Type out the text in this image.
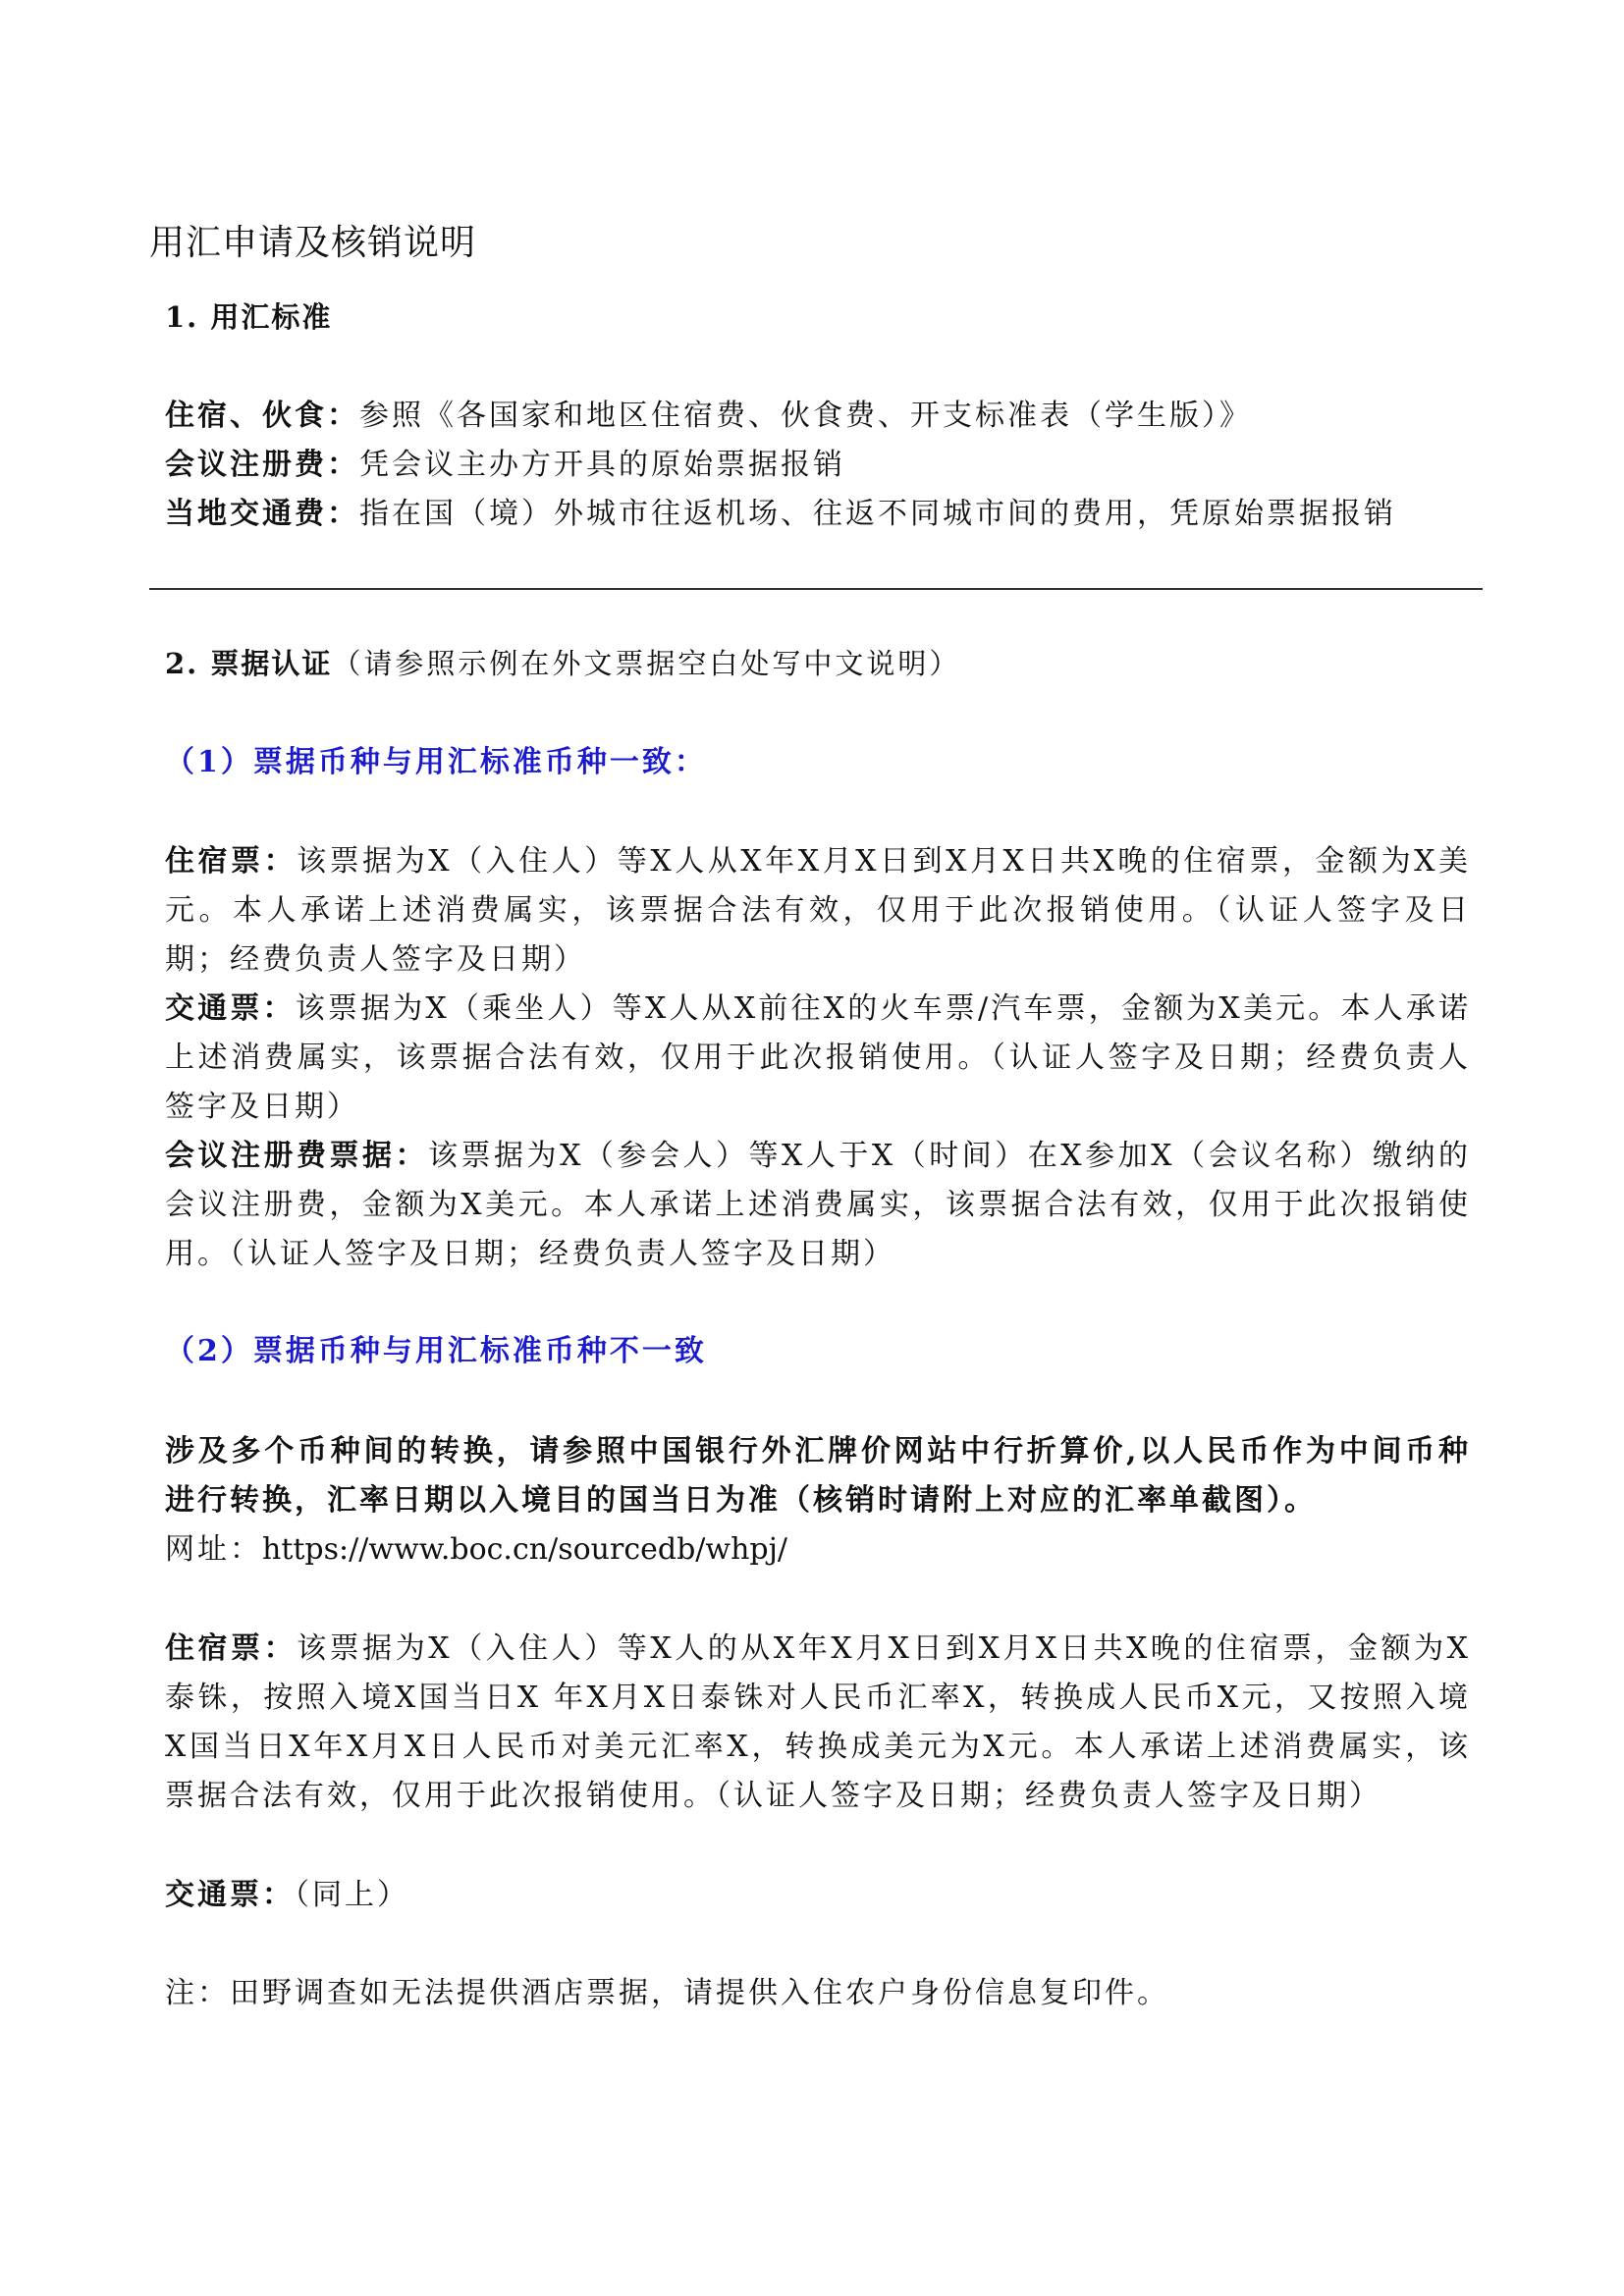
用汇申请及核销说明
1. 用汇标准
住宿、伙食：参照《各国家和地区住宿费、伙食费、开支标准表（学生版）》
会议注册费：凭会议主办方开具的原始票据报销
当地交通费：指在国（境）外城市往返机场、往返不同城市间的费用，凭原始票据报销
2. 票据认证（请参照示例在外文票据空白处写中文说明）
（1）票据币种与用汇标准币种一致：
住宿票：该票据为X（入住人）等X人从X年X月X日到X月X日共X晚的住宿票，金额为X美元。本人承诺上述消费属实，该票据合法有效，仅用于此次报销使用。（认证人签字及日期；经费负责人签字及日期）
交通票：该票据为X（乘坐人）等X人从X前往X的火车票/汽车票，金额为X美元。本人承诺上述消费属实，该票据合法有效，仅用于此次报销使用。（认证人签字及日期；经费负责人签字及日期）
会议注册费票据：该票据为X（参会人）等X人于X（时间）在X参加X（会议名称）缴纳的会议注册费，金额为X美元。本人承诺上述消费属实，该票据合法有效，仅用于此次报销使用。（认证人签字及日期；经费负责人签字及日期）
（2）票据币种与用汇标准币种不一致
涉及多个币种间的转换，请参照中国银行外汇牌价网站中行折算价,以人民币作为中间币种进行转换，汇率日期以入境目的国当日为准（核销时请附上对应的汇率单截图）。
网址：https://www.boc.cn/sourcedb/whpj/
住宿票：该票据为X（入住人）等X人的从X年X月X日到X月X日共X晚的住宿票，金额为X泰铢，按照入境X国当日X 年X月X日泰铢对人民币汇率X，转换成人民币X元，又按照入境X国当日X年X月X日人民币对美元汇率X，转换成美元为X元。本人承诺上述消费属实，该票据合法有效，仅用于此次报销使用。（认证人签字及日期；经费负责人签字及日期）
交通票：（同上）
注：田野调查如无法提供酒店票据，请提供入住农户身份信息复印件。
